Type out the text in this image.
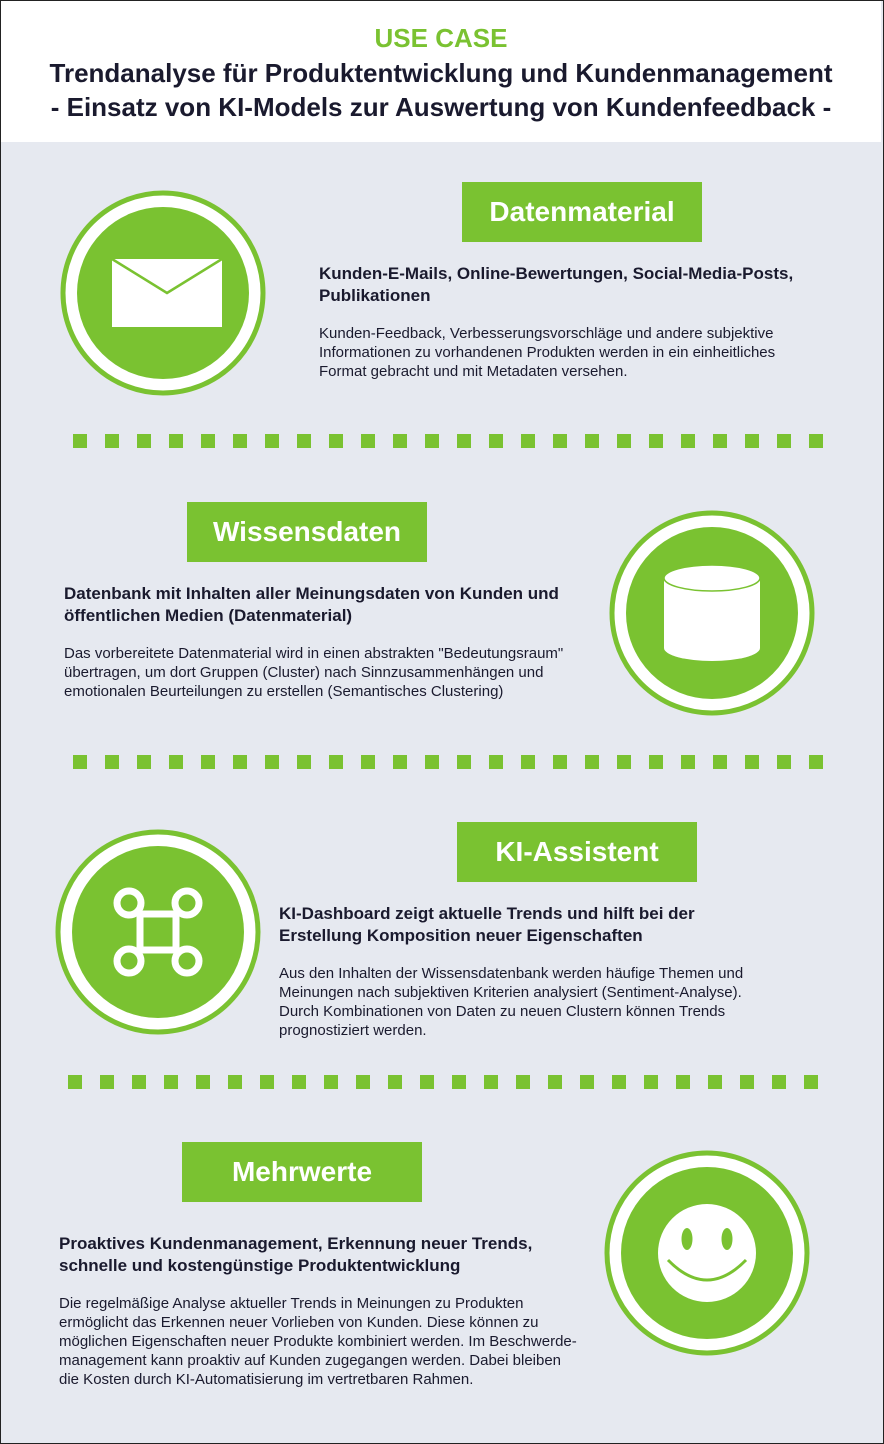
USE CASE
Trendanalyse für Produktentwicklung und Kundenmanagement
- Einsatz von KI-Models zur Auswertung von Kundenfeedback -
Datenmaterial
Kunden-E-Mails, Online-Bewertungen, Social-Media-Posts,
Publikationen
Kunden-Feedback, Verbesserungsvorschläge und andere subjektive
Informationen zu vorhandenen Produkten werden in ein einheitliches
Format gebracht und mit Metadaten versehen.
Wissensdaten
Datenbank mit Inhalten aller Meinungsdaten von Kunden und
öffentlichen Medien (Datenmaterial)
Das vorbereitete Datenmaterial wird in einen abstrakten "Bedeutungsraum"
übertragen, um dort Gruppen (Cluster) nach Sinnzusammenhängen und
emotionalen Beurteilungen zu erstellen (Semantisches Clustering)
KI-Assistent
KI-Dashboard zeigt aktuelle Trends und hilft bei der
Erstellung Komposition neuer Eigenschaften
Aus den Inhalten der Wissensdatenbank werden häufige Themen und
Meinungen nach subjektiven Kriterien analysiert (Sentiment-Analyse).
Durch Kombinationen von Daten zu neuen Clustern können Trends
prognostiziert werden.
Mehrwerte
Proaktives Kundenmanagement, Erkennung neuer Trends,
schnelle und kostengünstige Produktentwicklung
Die regelmäßige Analyse aktueller Trends in Meinungen zu Produkten
ermöglicht das Erkennen neuer Vorlieben von Kunden. Diese können zu
möglichen Eigenschaften neuer Produkte kombiniert werden. Im Beschwerde-
management kann proaktiv auf Kunden zugegangen werden. Dabei bleiben
die Kosten durch KI-Automatisierung im vertretbaren Rahmen.
